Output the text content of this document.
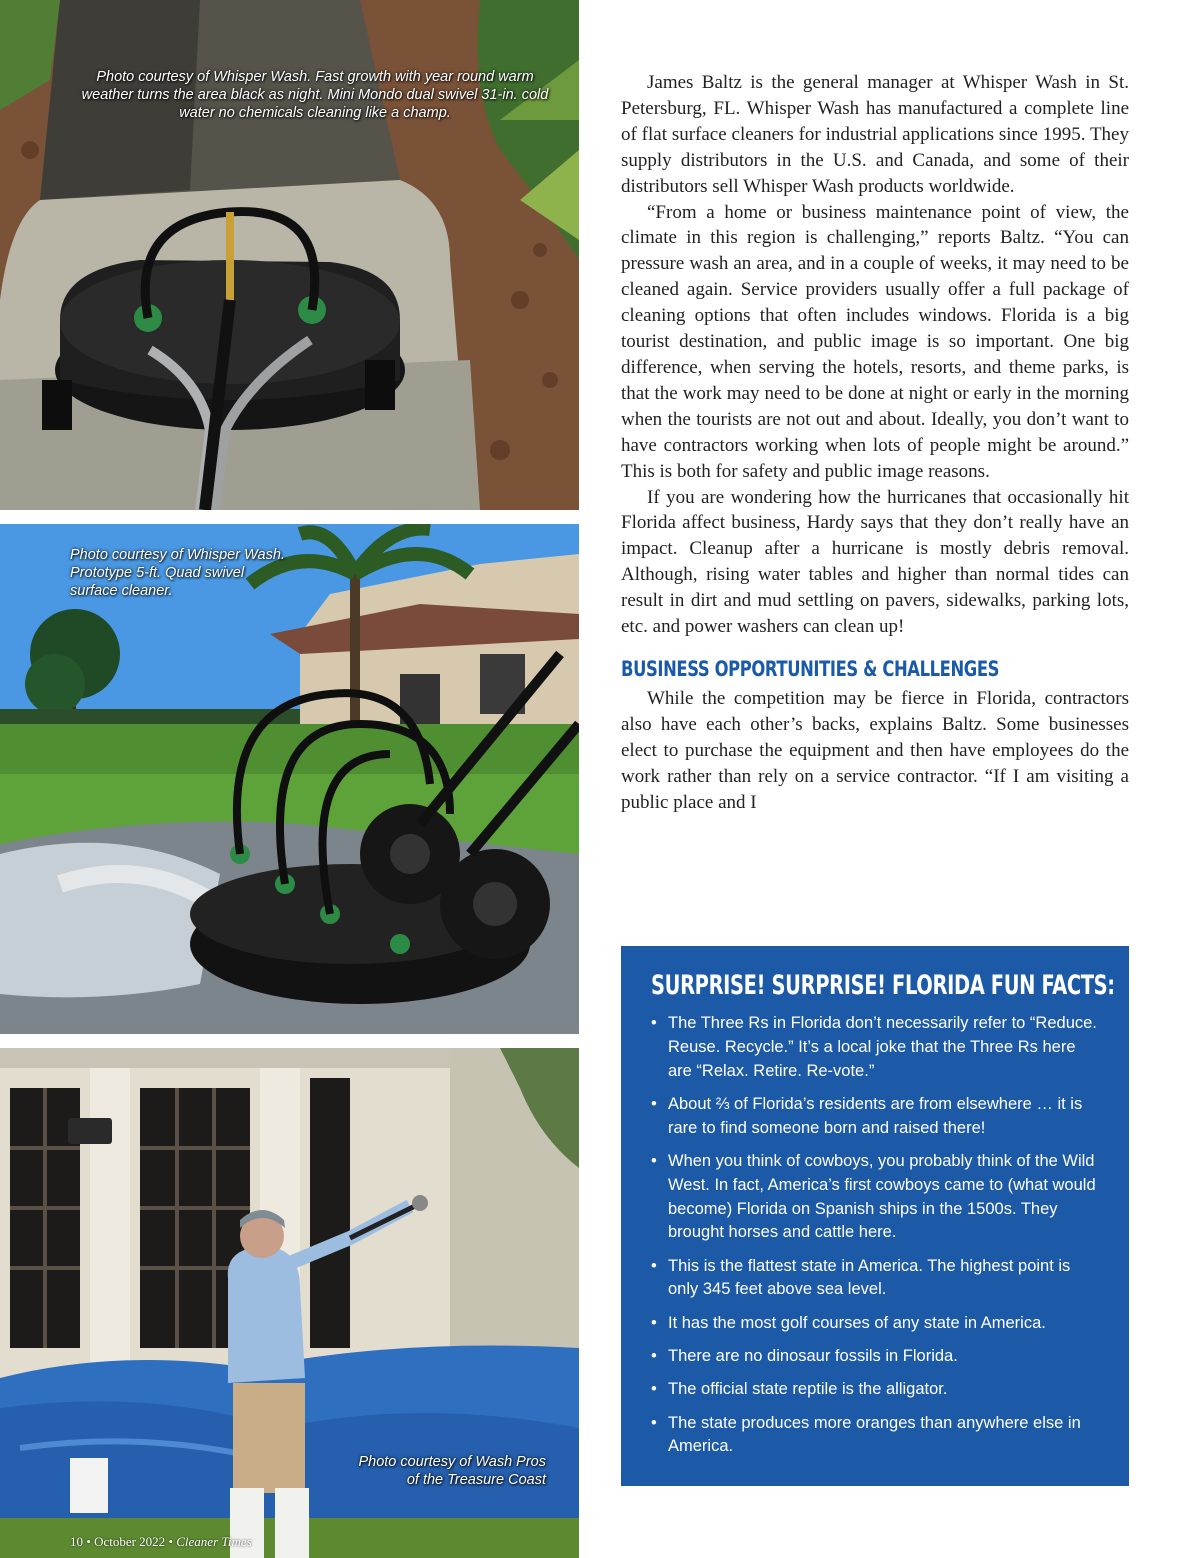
Photo courtesy of Whisper Wash. Fast growth with year round warm weather turns the area black as night. Mini Mondo dual swivel 31-in. cold water no chemicals cleaning like a champ.
Photo courtesy of Whisper Wash. Prototype 5-ft. Quad swivel surface cleaner.
Photo courtesy of Wash Pros
of the Treasure Coast
10 • October 2022 • Cleaner Times

James Baltz is the general manager at Whisper Wash in St. Petersburg, FL. Whisper Wash has manufactured a complete line of flat surface cleaners for industrial applications since 1995. They supply distributors in the U.S. and Canada, and some of their distributors sell Whisper Wash products worldwide.

“From a home or business maintenance point of view, the climate in this region is challenging,” reports Baltz. “You can pressure wash an area, and in a couple of weeks, it may need to be cleaned again. Service providers usually offer a full package of cleaning options that often includes windows. Florida is a big tourist destination, and public image is so important. One big difference, when serving the hotels, resorts, and theme parks, is that the work may need to be done at night or early in the morning when the tourists are not out and about. Ideally, you don’t want to have contractors working when lots of people might be around.” This is both for safety and public image reasons.

If you are wondering how the hurricanes that occasionally hit Florida affect business, Hardy says that they don’t really have an impact. Cleanup after a hurricane is mostly debris removal. Although, rising water tables and higher than normal tides can result in dirt and mud settling on pavers, sidewalks, parking lots, etc. and power washers can clean up!

BUSINESS OPPORTUNITIES & CHALLENGES

While the competition may be fierce in Florida, contractors also have each other’s backs, explains Baltz. Some businesses elect to purchase the equipment and then have employees do the work rather than rely on a service contractor. “If I am visiting a public place and I

SURPRISE! SURPRISE! FLORIDA FUN FACTS:
• The Three Rs in Florida don’t necessarily refer to “Reduce. Reuse. Recycle.” It’s a local joke that the Three Rs here are “Relax. Retire. Re-vote.”
• About ⅔ of Florida’s residents are from elsewhere … it is rare to find someone born and raised there!
• When you think of cowboys, you probably think of the Wild West. In fact, America’s first cowboys came to (what would become) Florida on Spanish ships in the 1500s. They brought horses and cattle here.
• This is the flattest state in America. The highest point is only 345 feet above sea level.
• It has the most golf courses of any state in America.
• There are no dinosaur fossils in Florida.
• The official state reptile is the alligator.
• The state produces more oranges than anywhere else in America.
